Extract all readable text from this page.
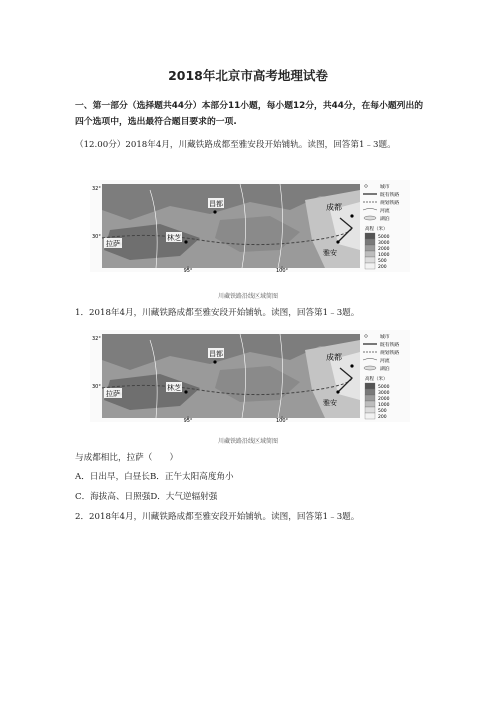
2018年北京市高考地理试卷
一、第一部分（选择题共44分）本部分11小题，每小题12分，共44分，在每小题列出的四个选项中，选出最符合题目要求的一项.
（12.00分）2018年4月，川藏铁路成都至雅安段开始铺轨。读图，回答第1﹣3题。
昌都
林芝
拉萨
成都
雅安
32°
30°
95°	100°
城市
既有铁路
规划铁路
河流
湖泊
高程（米）
5000
3000
2000
1000
500
200
川藏铁路沿线区域简图
1．2018年4月，川藏铁路成都至雅安段开始铺轨。读图，回答第1﹣3题。
昌都
林芝
拉萨
成都
雅安
32°
30°
95°	100°
城市
既有铁路
规划铁路
河流
湖泊
高程（米）
5000
3000
2000
1000
500
200
川藏铁路沿线区域简图
与成都相比，拉萨（　　）
A．日出早，白昼长B．正午太阳高度角小
C．海拔高、日照强D．大气逆辐射强
2．2018年4月，川藏铁路成都至雅安段开始铺轨。读图，回答第1﹣3题。
